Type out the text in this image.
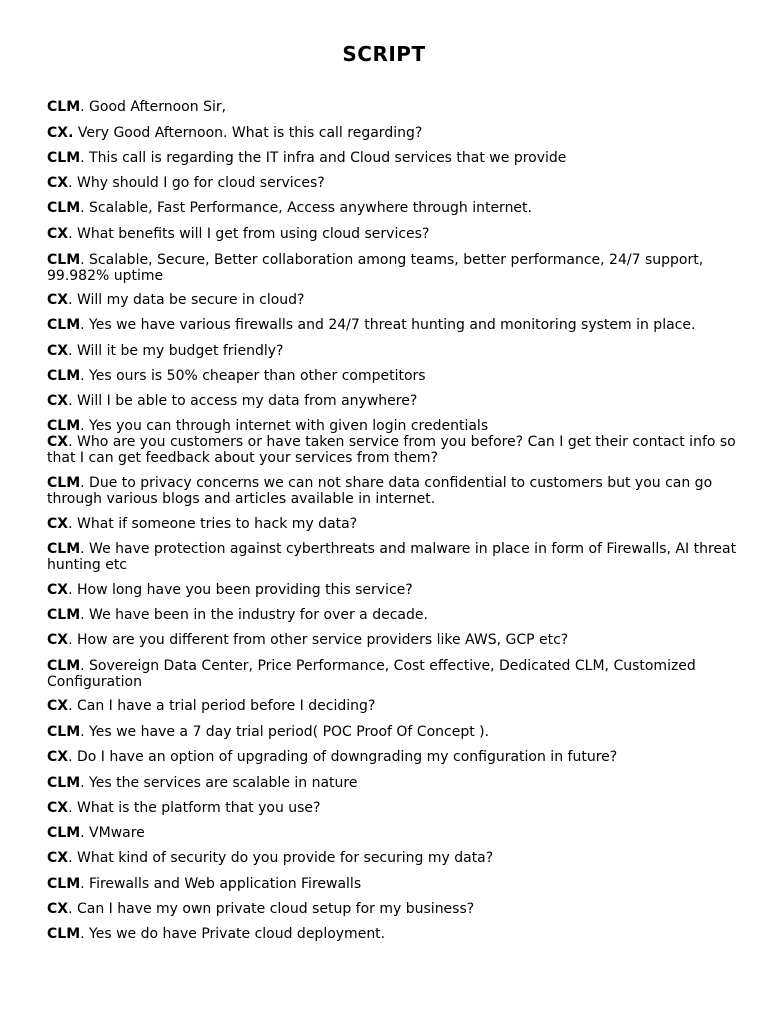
SCRIPT
CLM. Good Afternoon Sir,
CX. Very Good Afternoon. What is this call regarding?
CLM. This call is regarding the IT infra and Cloud services that we provide
CX. Why should I go for cloud services?
CLM. Scalable, Fast Performance, Access anywhere through internet.
CX. What benefits will I get from using cloud services?
CLM. Scalable, Secure, Better collaboration among teams, better performance, 24/7 support, 99.982% uptime
CX. Will my data be secure in cloud?
CLM. Yes we have various firewalls and 24/7 threat hunting and monitoring system in place.
CX. Will it be my budget friendly?
CLM. Yes ours is 50% cheaper than other competitors
CX. Will I be able to access my data from anywhere?
CLM. Yes you can through internet with given login credentials
CX. Who are you customers or have taken service from you before? Can I get their contact info so that I can get feedback about your services from them?
CLM. Due to privacy concerns we can not share data confidential to customers but you can go through various blogs and articles available in internet.
CX. What if someone tries to hack my data?
CLM. We have protection against cyberthreats and malware in place in form of Firewalls, AI threat hunting etc
CX. How long have you been providing this service?
CLM. We have been in the industry for over a decade.
CX. How are you different from other service providers like AWS, GCP etc?
CLM. Sovereign Data Center, Price Performance, Cost effective, Dedicated CLM, Customized Configuration
CX. Can I have a trial period before I deciding?
CLM. Yes we have a 7 day trial period( POC Proof Of Concept ).
CX. Do I have an option of upgrading of downgrading my configuration in future?
CLM. Yes the services are scalable in nature
CX. What is the platform that you use?
CLM. VMware
CX. What kind of security do you provide for securing my data?
CLM. Firewalls and Web application Firewalls
CX. Can I have my own private cloud setup for my business?
CLM. Yes we do have Private cloud deployment.
